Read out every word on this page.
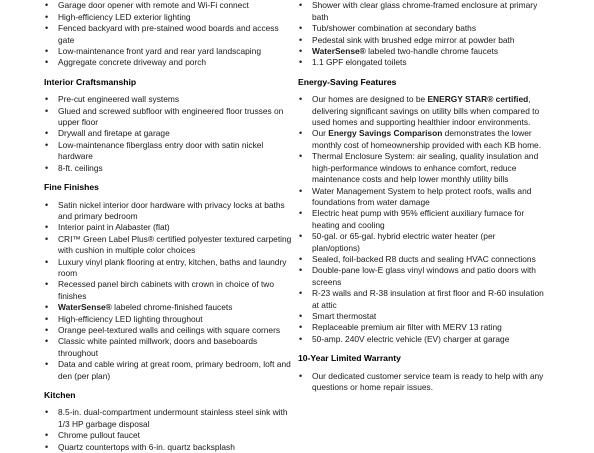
•
• Garage door opener with remote and Wi-Fi connect
• High-efficiency LED exterior lighting
• Fenced backyard with pre-stained wood boards and access gate
• Low-maintenance front yard and rear yard landscaping
• Aggregate concrete driveway and porch
Interior Craftsmanship
• Pre-cut engineered wall systems
• Glued and screwed subfloor with engineered floor trusses on upper floor
• Drywall and firetape at garage
• Low-maintenance fiberglass entry door with satin nickel hardware
• 8-ft. ceilings
Fine Finishes
• Satin nickel interior door hardware with privacy locks at baths and primary bedroom
• Interior paint in Alabaster (flat)
• CRI™ Green Label Plus® certified polyester textured carpeting with cushion in multiple color choices
• Luxury vinyl plank flooring at entry, kitchen, baths and laundry room
• Recessed panel birch cabinets with crown in choice of two finishes
• WaterSense® labeled chrome-finished faucets
• High-efficiency LED lighting throughout
• Orange peel-textured walls and ceilings with square corners
• Classic white painted millwork, doors and baseboards throughout
• Data and cable wiring at great room, primary bedroom, loft and den (per plan)
Kitchen
• 8.5-in. dual-compartment undermount stainless steel sink with 1/3 HP garbage disposal
• Chrome pullout faucet
• Quartz countertops with 6-in. quartz backsplash
•
• Shower with clear glass chrome-framed enclosure at primary bath
• Tub/shower combination at secondary baths
• Pedestal sink with brushed edge mirror at powder bath
• WaterSense® labeled two-handle chrome faucets
• 1.1 GPF elongated toilets
Energy-Saving Features
• Our homes are designed to be ENERGY STAR® certified, delivering significant savings on utility bills when compared to used homes and supporting healthier indoor environments.
• Our Energy Savings Comparison demonstrates the lower monthly cost of homeownership provided with each KB home.
• Thermal Enclosure System: air sealing, quality insulation and high-performance windows to enhance comfort, reduce maintenance costs and help lower monthly utility bills
• Water Management System to help protect roofs, walls and foundations from water damage
• Electric heat pump with 95% efficient auxiliary furnace for heating and cooling
• 50-gal. or 65-gal. hybrid electric water heater (per plan/options)
• Sealed, foil-backed R8 ducts and sealing HVAC connections
• Double-pane low-E glass vinyl windows and patio doors with screens
• R-23 walls and R-38 insulation at first floor and R-60 insulation at attic
• Smart thermostat
• Replaceable premium air filter with MERV 13 rating
• 50-amp. 240V electric vehicle (EV) charger at garage
10-Year Limited Warranty
• Our dedicated customer service team is ready to help with any questions or home repair issues.
